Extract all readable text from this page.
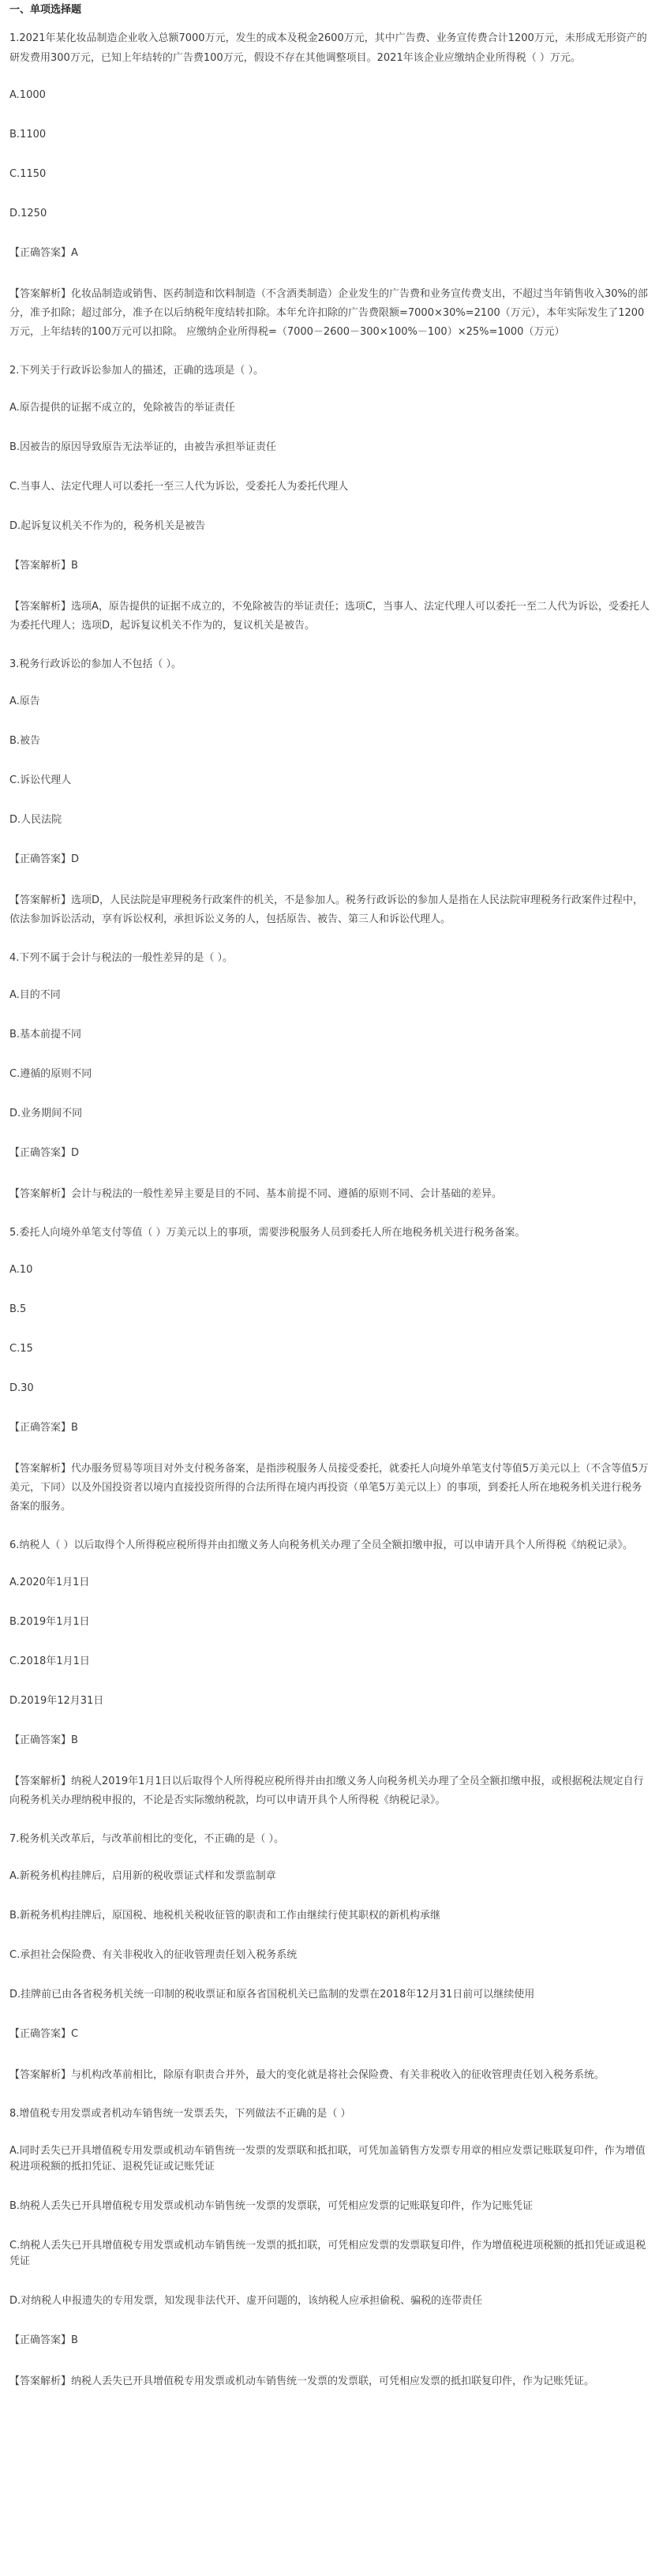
一、单项选择题
1.2021年某化妆品制造企业收入总额7000万元，发生的成本及税金2600万元，其中广告费、业务宣传费合计1200万元，未形成无形资产的研发费用300万元，已知上年结转的广告费100万元，假设不存在其他调整项目。2021年该企业应缴纳企业所得税（ ）万元。
A.1000
B.1100
C.1150
D.1250
【正确答案】A
【答案解析】化妆品制造或销售、医药制造和饮料制造（不含酒类制造）企业发生的广告费和业务宣传费支出，不超过当年销售收入30%的部分，准予扣除；超过部分，准予在以后纳税年度结转扣除。本年允许扣除的广告费限额=7000×30%=2100（万元），本年实际发生了1200万元，上年结转的100万元可以扣除。 应缴纳企业所得税=（7000－2600－300×100%－100）×25%=1000（万元）
2.下列关于行政诉讼参加人的描述，正确的选项是（ ）。
A.原告提供的证据不成立的，免除被告的举证责任
B.因被告的原因导致原告无法举证的，由被告承担举证责任
C.当事人、法定代理人可以委托一至三人代为诉讼，受委托人为委托代理人
D.起诉复议机关不作为的，税务机关是被告
【答案解析】B
【答案解析】选项A，原告提供的证据不成立的，不免除被告的举证责任；选项C，当事人、法定代理人可以委托一至二人代为诉讼，受委托人为委托代理人；选项D，起诉复议机关不作为的，复议机关是被告。
3.税务行政诉讼的参加人不包括（ ）。
A.原告
B.被告
C.诉讼代理人
D.人民法院
【正确答案】D
【答案解析】选项D，人民法院是审理税务行政案件的机关，不是参加人。税务行政诉讼的参加人是指在人民法院审理税务行政案件过程中，依法参加诉讼活动，享有诉讼权利，承担诉讼义务的人，包括原告、被告、第三人和诉讼代理人。
4.下列不属于会计与税法的一般性差异的是（ ）。
A.目的不同
B.基本前提不同
C.遵循的原则不同
D.业务期间不同
【正确答案】D
【答案解析】会计与税法的一般性差异主要是目的不同、基本前提不同、遵循的原则不同、会计基础的差异。
5.委托人向境外单笔支付等值（ ）万美元以上的事项，需要涉税服务人员到委托人所在地税务机关进行税务备案。
A.10
B.5
C.15
D.30
【正确答案】B
【答案解析】代办服务贸易等项目对外支付税务备案，是指涉税服务人员接受委托，就委托人向境外单笔支付等值5万美元以上（不含等值5万美元，下同）以及外国投资者以境内直接投资所得的合法所得在境内再投资（单笔5万美元以上）的事项，到委托人所在地税务机关进行税务备案的服务。
6.纳税人（ ）以后取得个人所得税应税所得并由扣缴义务人向税务机关办理了全员全额扣缴申报，可以申请开具个人所得税《纳税记录》。
A.2020年1月1日
B.2019年1月1日
C.2018年1月1日
D.2019年12月31日
【正确答案】B
【答案解析】纳税人2019年1月1日以后取得个人所得税应税所得并由扣缴义务人向税务机关办理了全员全额扣缴申报，或根据税法规定自行向税务机关办理纳税申报的，不论是否实际缴纳税款，均可以申请开具个人所得税《纳税记录》。
7.税务机关改革后，与改革前相比的变化，不正确的是（ ）。
A.新税务机构挂牌后，启用新的税收票证式样和发票监制章
B.新税务机构挂牌后，原国税、地税机关税收征管的职责和工作由继续行使其职权的新机构承继
C.承担社会保险费、有关非税收入的征收管理责任划入税务系统
D.挂牌前已由各省税务机关统一印制的税收票证和原各省国税机关已监制的发票在2018年12月31日前可以继续使用
【正确答案】C
【答案解析】与机构改革前相比，除原有职责合并外，最大的变化就是将社会保险费、有关非税收入的征收管理责任划入税务系统。
8.增值税专用发票或者机动车销售统一发票丢失，下列做法不正确的是（ ）
A.同时丢失已开具增值税专用发票或机动车销售统一发票的发票联和抵扣联，可凭加盖销售方发票专用章的相应发票记账联复印件，作为增值税进项税额的抵扣凭证、退税凭证或记账凭证
B.纳税人丢失已开具增值税专用发票或机动车销售统一发票的发票联，可凭相应发票的记账联复印件，作为记账凭证
C.纳税人丢失已开具增值税专用发票或机动车销售统一发票的抵扣联，可凭相应发票的发票联复印件，作为增值税进项税额的抵扣凭证或退税凭证
D.对纳税人申报遗失的专用发票，知发现非法代开、虚开问题的，该纳税人应承担偷税、骗税的连带责任
【正确答案】B
【答案解析】纳税人丢失已开具增值税专用发票或机动车销售统一发票的发票联，可凭相应发票的抵扣联复印件，作为记账凭证。
